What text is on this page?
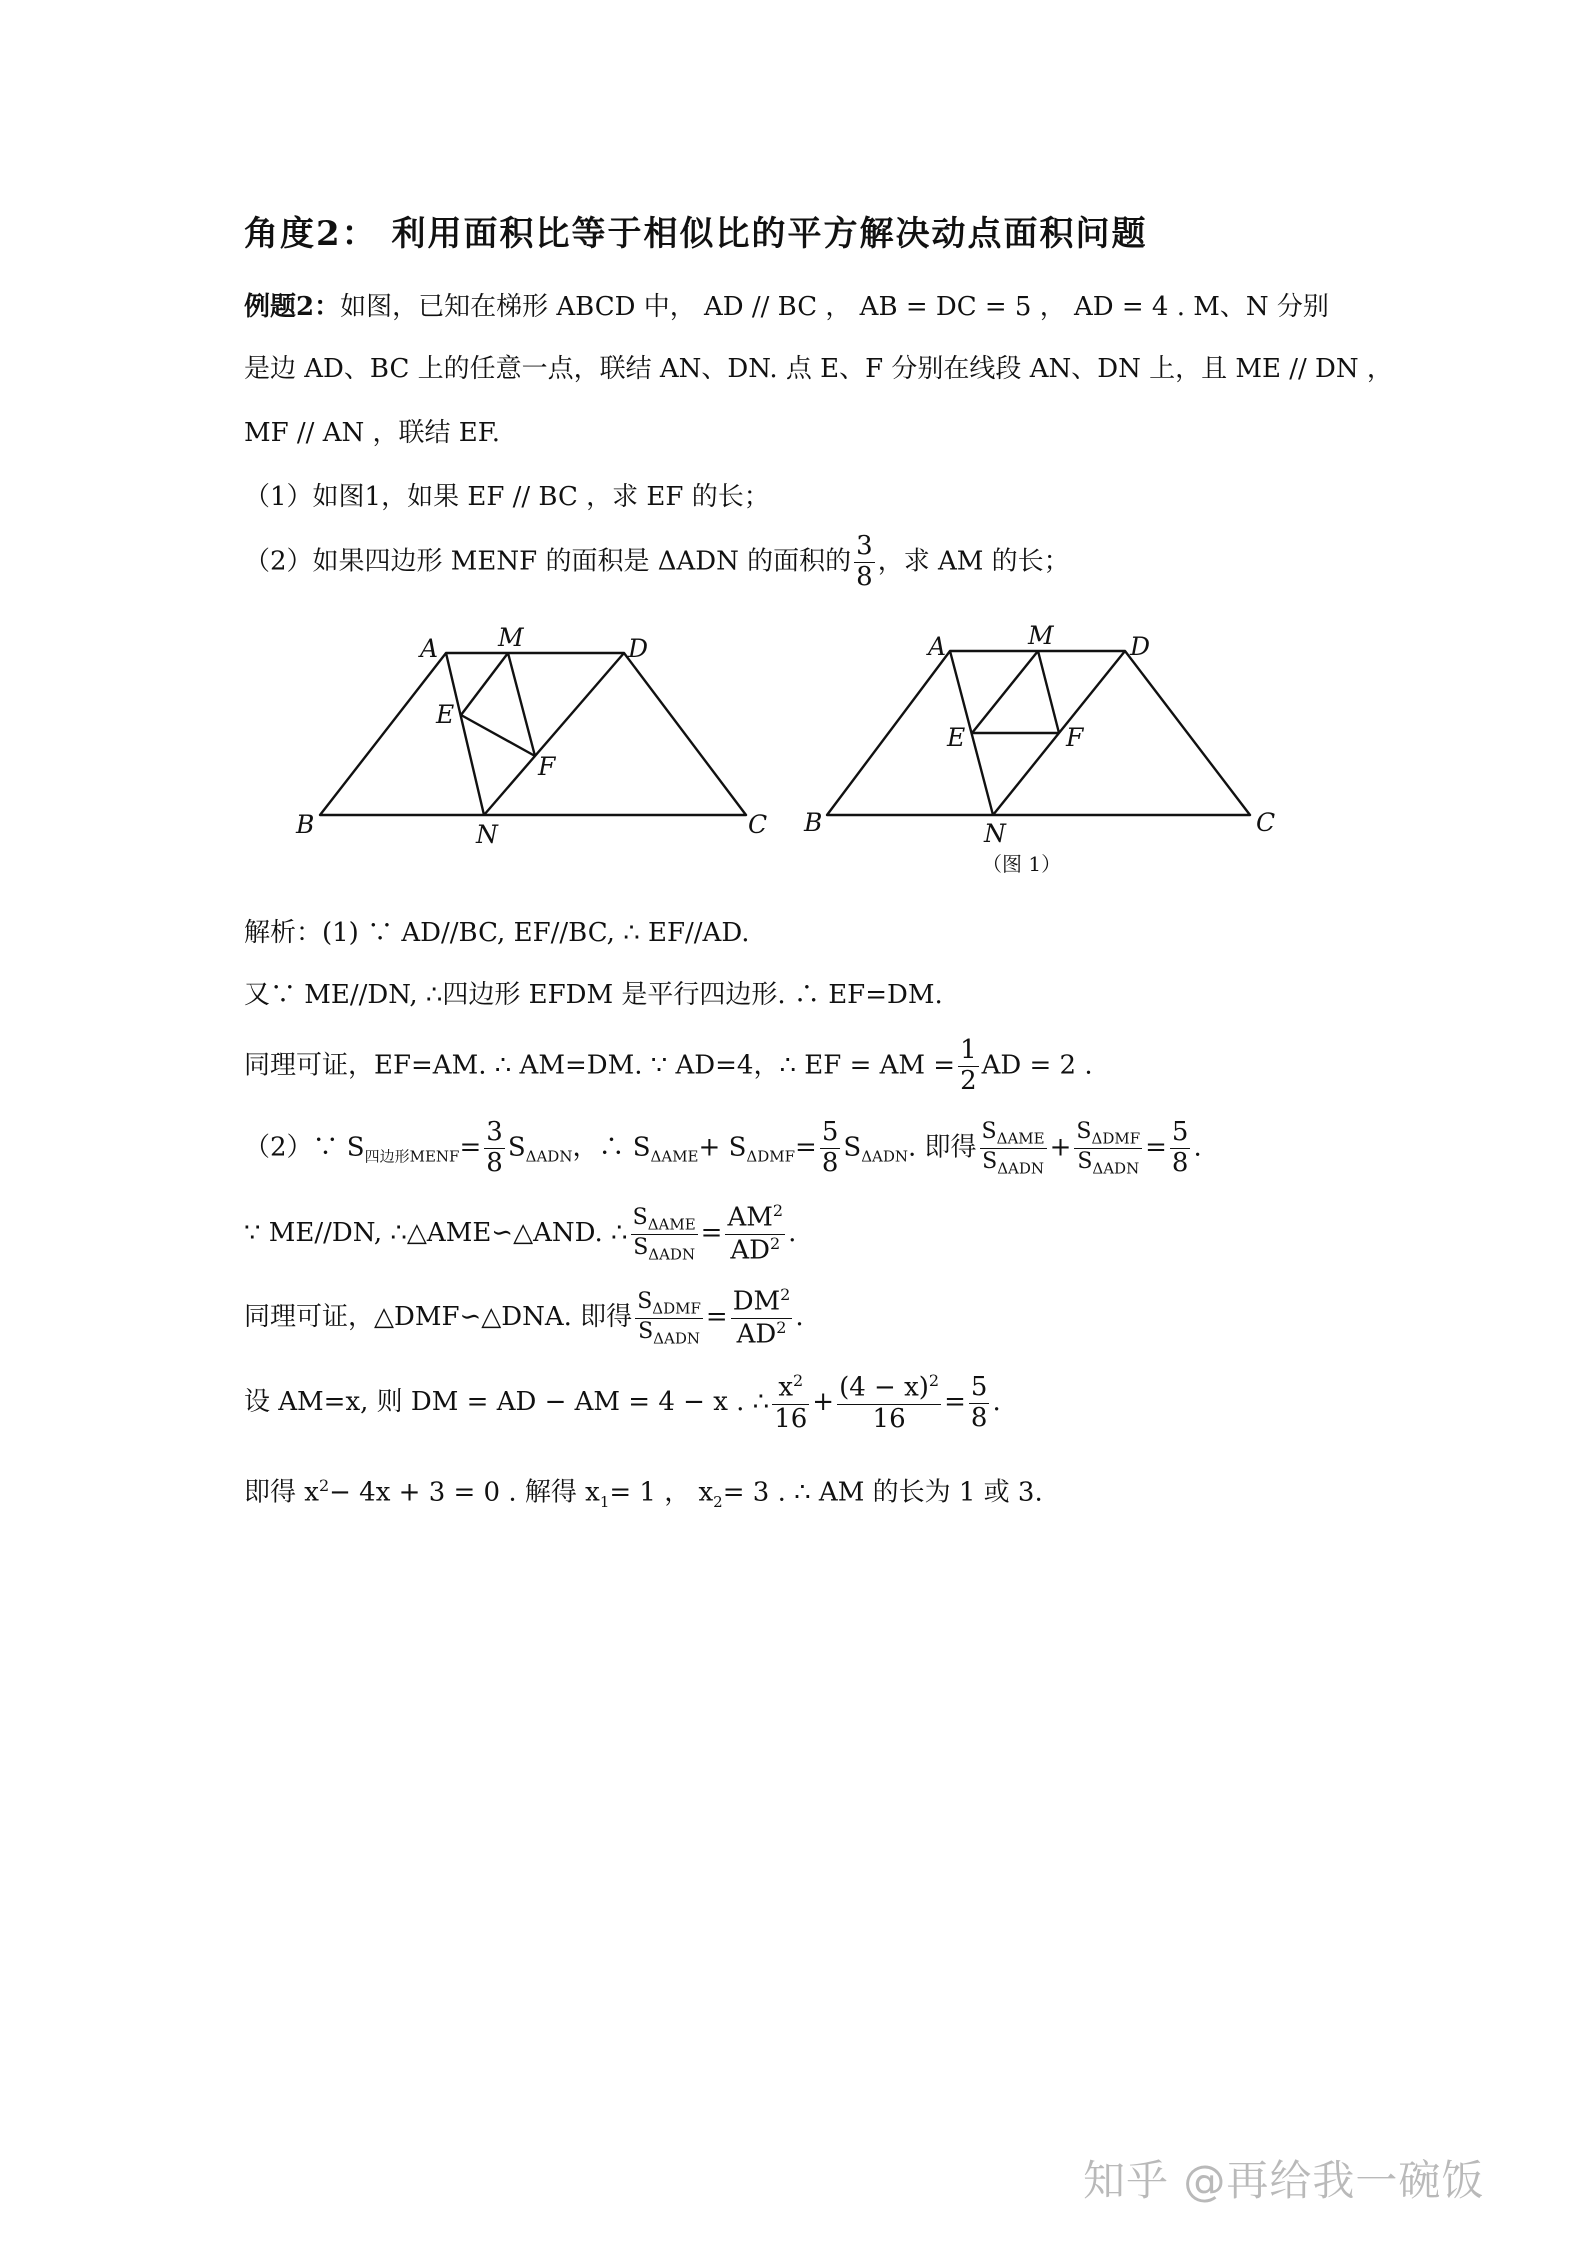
角度2： 利用面积比等于相似比的平方解决动点面积问题
例题2：如图，已知在梯形 ABCD 中， AD // BC ， AB = DC = 5 ， AD = 4 . M、N 分别
是边 AD、BC 上的任意一点，联结 AN、DN. 点 E、F 分别在线段 AN、DN 上，且 ME // DN ，
MF // AN ，联结 EF.
（1）如图1，如果 EF // BC ，求 EF 的长；
（2）如果四边形 MENF 的面积是 ΔADN 的面积的 $\frac{3}{8}$ ，求 AM 的长；
A M	D
E
F
B	N	C
A	M	D
E	F
B	N	C
（图 1）
解析：(1) ∵ AD//BC, EF//BC, ∴ EF//AD.
又∵ ME//DN, ∴四边形 EFDM 是平行四边形. ∴ EF=DM.
同理可证，EF=AM. ∴ AM=DM. ∵ AD=4，∴ EF = AM = $\frac{1}{2}$ AD = 2 .
（2）∵ $S_{四边形MENF}= \frac{3}{8} S_{\Delta ADN}$，∴ $S_{\Delta AME}+ S_{\Delta DMF}= \frac{5}{8} S_{\Delta ADN}$. 即得 $\frac{S_{\Delta AME}}{S_{\Delta ADN}} + \frac{S_{\Delta DMF}}{S_{\Delta ADN}} = \frac{5}{8}$ .
∵ ME//DN, ∴△AME∽△AND. ∴ $\frac{S_{\Delta AME}}{S_{\Delta ADN}} = \frac{AM^2}{AD^2}$ .
同理可证，△DMF∽△DNA. 即得 $\frac{S_{\Delta DMF}}{S_{\Delta ADN}} = \frac{DM^2}{AD^2}$ .
设 AM=x, 则 DM = AD − AM = 4 − x . ∴ $\frac{x^2}{16} + \frac{(4 - x)^2}{16} = \frac{5}{8}$ .
即得 $x^2- 4x + 3 = 0$ . 解得 $x_1= 1$ ， $x_2= 3$ . ∴ AM 的长为 1 或 3.
知乎 @再给我一碗饭
